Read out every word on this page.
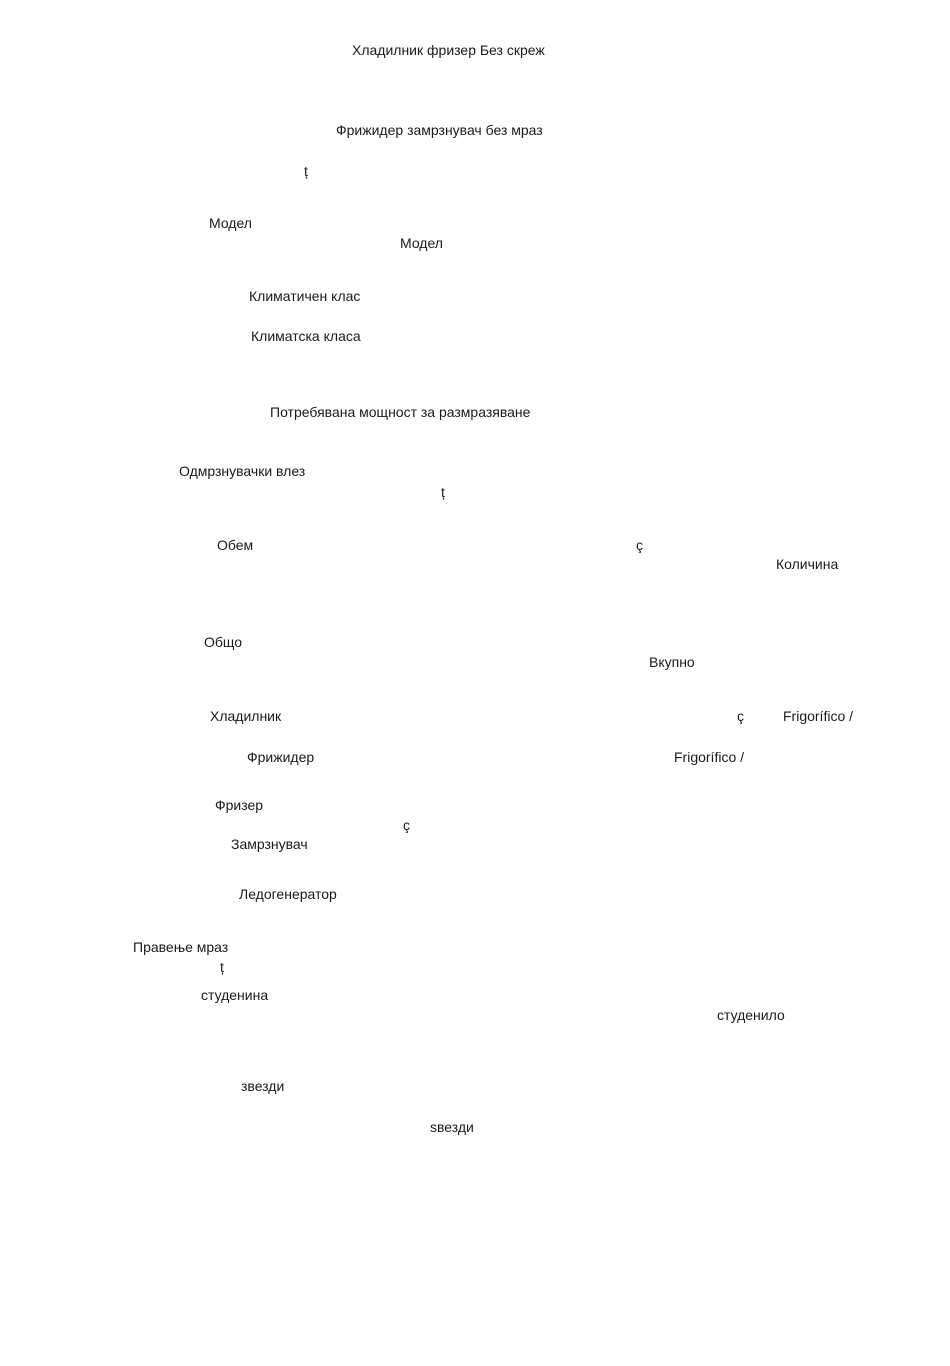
Хладилник фризер Без скреж
Фрижидер замрзнувач без мраз
ț
Модел
Модел
Климатичен клас
Климатска класа
Потребявана мощност за размразяване
Одмрзнувачки влез
ț
Обем	ç
Количина
Общо
Вкупно
Хладилник	ç	Frigorífico /
Фрижидер	Frigorífico /
Фризер
ç
Замрзнувач
Ледогенератор
Правење мраз
ț
студенина
студенило
звезди
ѕвезди
